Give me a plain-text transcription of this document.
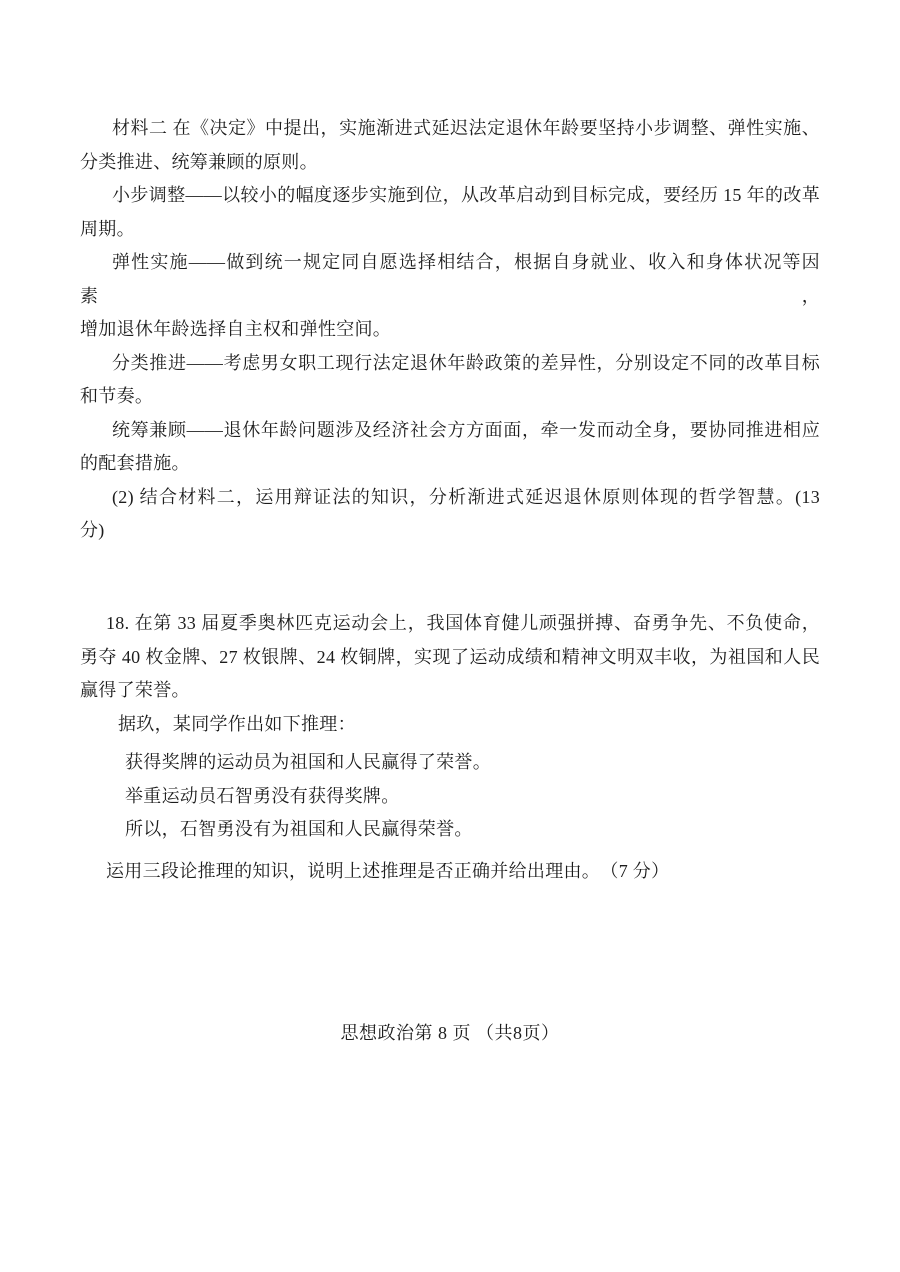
材料二 在《决定》中提出，实施渐进式延迟法定退休年龄要坚持小步调整、弹性实施、
分类推进、统筹兼顾的原则。
小步调整——以较小的幅度逐步实施到位，从改革启动到目标完成，要经历 15 年的改革
周期。
弹性实施——做到统一规定同自愿选择相结合，根据自身就业、收入和身体状况等因素，
增加退休年龄选择自主权和弹性空间。
分类推进——考虑男女职工现行法定退休年龄政策的差异性，分别设定不同的改革目标
和节奏。
统筹兼顾——退休年龄问题涉及经济社会方方面面，牵一发而动全身，要协同推进相应
的配套措施。
(2) 结合材料二，运用辩证法的知识，分析渐进式延迟退休原则体现的哲学智慧。(13
分)
18. 在第 33 届夏季奥林匹克运动会上，我国体育健儿顽强拼搏、奋勇争先、不负使命，
勇夺 40 枚金牌、27 枚银牌、24 枚铜牌，实现了运动成绩和精神文明双丰收，为祖国和人民
赢得了荣誉。
据玖，某同学作出如下推理：
获得奖牌的运动员为祖国和人民赢得了荣誉。
举重运动员石智勇没有获得奖牌。
所以，石智勇没有为祖国和人民赢得荣誉。
运用三段论推理的知识，说明上述推理是否正确并给出理由。　（7 分）
思想政治第 8 页 （共8页）
